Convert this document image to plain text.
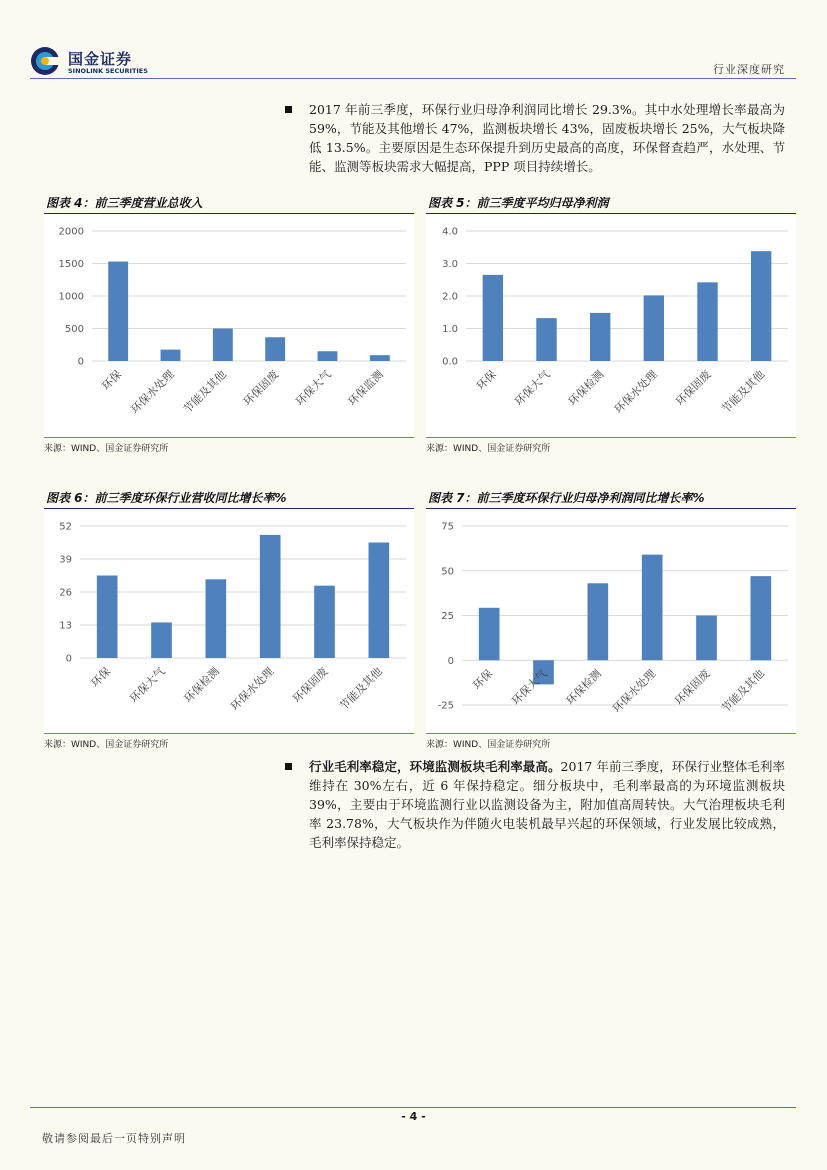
国金证券
SINOLINK SECURITIES	行业深度研究
2017 年前三季度，环保行业归母净利润同比增长 29.3%。其中水处理增长率最高为 59%，节能及其他增长 47%，监测板块增长 43%，固废板块增长 25%，大气板块降低 13.5%。主要原因是生态环保提升到历史最高的高度，环保督查趋严，水处理、节能、监测等板块需求大幅提高，PPP 项目持续增长。
图表 4：前三季度营业总收入
0
500
1000
1500
2000
环保 环保水处理 节能及其他 环保固废 环保大气 环保监测
来源：WIND、国金证券研究所
图表 5：前三季度平均归母净利润
0.0
1.0
2.0
3.0
4.0
环保 环保大气 环保检测 环保水处理 环保固废 节能及其他
来源：WIND、国金证券研究所
图表 6：前三季度环保行业营收同比增长率%
0
13
26
39
52
环保 环保大气 环保检测 环保水处理 环保固废 节能及其他
来源：WIND、国金证券研究所
图表 7：前三季度环保行业归母净利润同比增长率%
-25
0
25
50
75
环保 环保大气 环保检测 环保水处理 环保固废 节能及其他
来源：WIND、国金证券研究所
行业毛利率稳定，环境监测板块毛利率最高。2017 年前三季度，环保行业整体毛利率维持在 30%左右，近 6 年保持稳定。细分板块中，毛利率最高的为环境监测板块 39%，主要由于环境监测行业以监测设备为主，附加值高周转快。大气治理板块毛利率 23.78%，大气板块作为伴随火电装机最早兴起的环保领域，行业发展比较成熟，毛利率保持稳定。
- 4 -
敬请参阅最后一页特别声明
